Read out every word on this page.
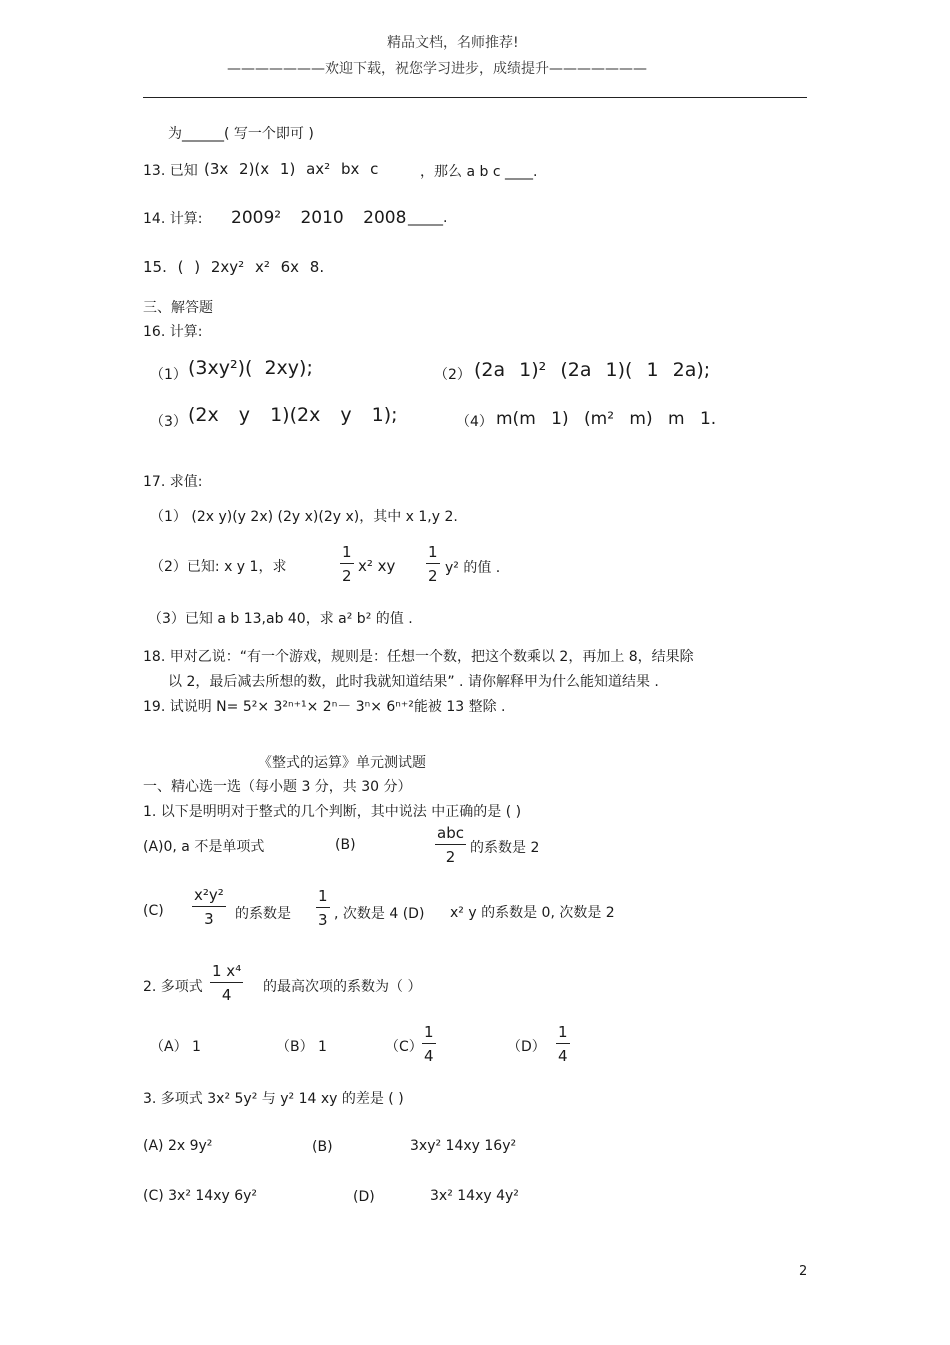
精品文档，名师推荐!
———————欢迎下载，祝您学习进步，成绩提升———————
为______( 写一个即可 )
13. 已知 (3x 2)(x 1) ax² bx c	，那么 a b c ____.
14. 计算: 2009² 2010 2008 _____.
15. ( ) 2xy² x² 6x 8.
三、解答题
16. 计算:
（1） (3xy²)( 2xy);	（2） (2a 1)² (2a 1)( 1 2a);
（3） (2x y 1)(2x y 1);	（4） m(m 1) (m² m) m 1.
17. 求值:
（1） (2x y)(y 2x) (2y x)(2y x)，其中 x 1,y 2.
（2）已知: x y 1，求	$\frac{1}{2} x^2$ xy $\frac{1}{2} y^2$ 的值 .
（3）已知 a b 13,ab 40，求 a² b² 的值 .
18. 甲对乙说：“有一个游戏，规则是：任想一个数，把这个数乘以 2，再加上 8，结果除
以 2，最后减去所想的数，此时我就知道结果” . 请你解释甲为什么能知道结果 .
19. 试说明 N= 5²× 3²ⁿ⁺¹× 2ⁿ－ 3ⁿ× 6ⁿ⁺²能被 13 整除 .
《整式的运算》单元测试题
一、精心选一选（每小题 3 分，共 30 分）
1. 以下是明明对于整式的几个判断，其中说法 中正确的是 ( )
(A)0, a 不是单项式	(B)
abc
2	的系数是 2
$(C) \frac{\text{x²y²}}{3}$ 的系数是 $\frac{1}{3}$ , 次数是 4 (D) x² y 的系数是 0, 次数是 2
2. 多项式 $\frac{\text{1 x⁴}}{4}$ 的最高次项的系数为（ ）
（A） 1	（B） 1	$(C) \frac{1}{4}$	$(D) \frac{1}{4}$
3. 多项式 3x² 5y² 与 y² 14 xy 的差是 ( )
(A) 2x 9y²	(B)	3xy² 14xy 16y²
(C) 3x² 14xy 6y²	(D)	3x² 14xy 4y²
2
